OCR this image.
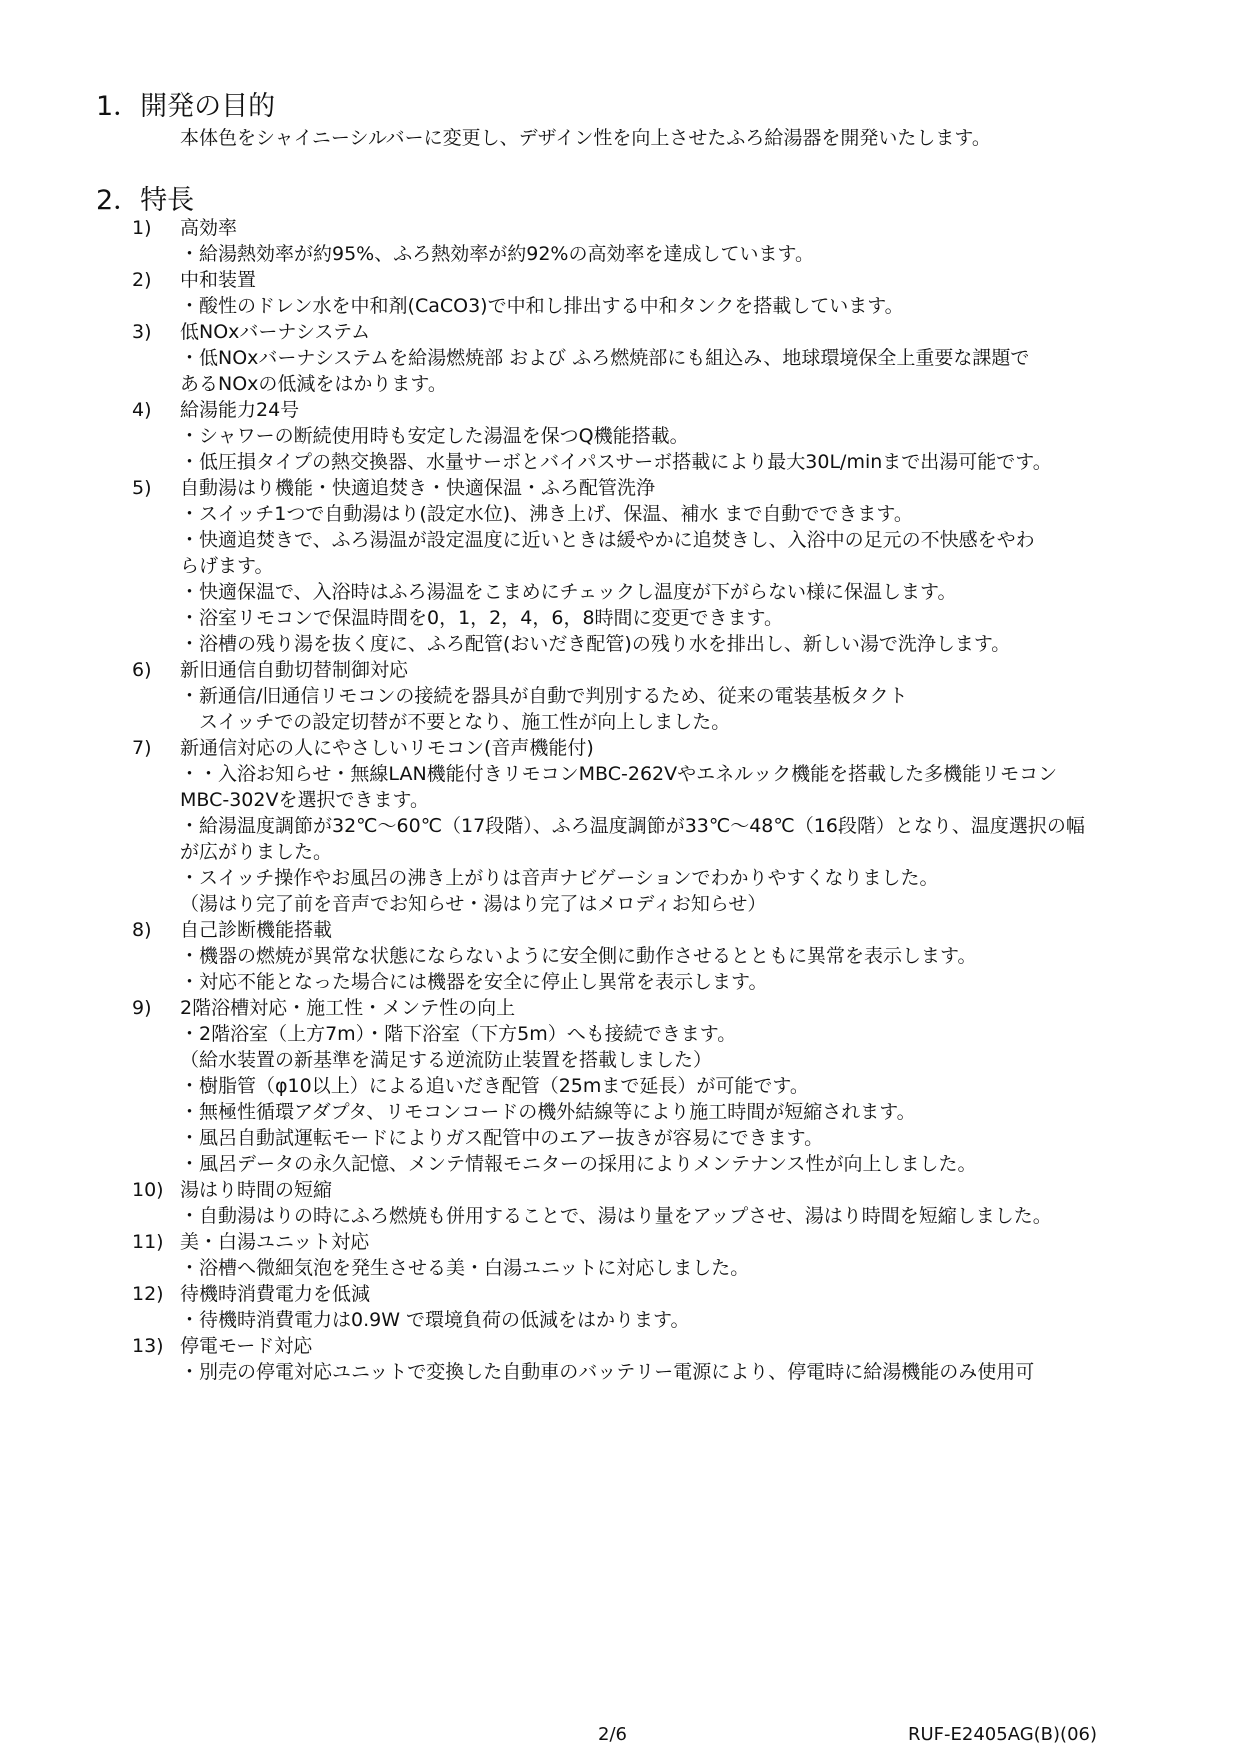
1．開発の目的
本体色をシャイニーシルバーに変更し、デザイン性を向上させたふろ給湯器を開発いたします。
2．特長
1) 高効率
・給湯熱効率が約95%、ふろ熱効率が約92%の高効率を達成しています。
2) 中和装置
・酸性のドレン水を中和剤(CaCO3)で中和し排出する中和タンクを搭載しています。
3) 低NOxバーナシステム
・低NOxバーナシステムを給湯燃焼部 および ふろ燃焼部にも組込み、地球環境保全上重要な課題で
あるNOxの低減をはかります。
4) 給湯能力24号
・シャワーの断続使用時も安定した湯温を保つQ機能搭載。
・低圧損タイプの熱交換器、水量サーボとバイパスサーボ搭載により最大30L/minまで出湯可能です。
5) 自動湯はり機能・快適追焚き・快適保温・ふろ配管洗浄
・スイッチ1つで自動湯はり(設定水位)、沸き上げ、保温、補水 まで自動でできます。
・快適追焚きで、ふろ湯温が設定温度に近いときは緩やかに追焚きし、入浴中の足元の不快感をやわ
らげます。
・快適保温で、入浴時はふろ湯温をこまめにチェックし温度が下がらない様に保温します。
・浴室リモコンで保温時間を0，1，2，4，6，8時間に変更できます。
・浴槽の残り湯を抜く度に、ふろ配管(おいだき配管)の残り水を排出し、新しい湯で洗浄します。
6) 新旧通信自動切替制御対応
・新通信/旧通信リモコンの接続を器具が自動で判別するため、従来の電装基板タクト
　スイッチでの設定切替が不要となり、施工性が向上しました。
7) 新通信対応の人にやさしいリモコン(音声機能付)
・・入浴お知らせ・無線LAN機能付きリモコンMBC-262Vやエネルック機能を搭載した多機能リモコン
MBC-302Vを選択できます。
・給湯温度調節が32℃～60℃（17段階）、ふろ温度調節が33℃～48℃（16段階）となり、温度選択の幅
が広がりました。
・スイッチ操作やお風呂の沸き上がりは音声ナビゲーションでわかりやすくなりました。
（湯はり完了前を音声でお知らせ・湯はり完了はメロディお知らせ）
8) 自己診断機能搭載
・機器の燃焼が異常な状態にならないように安全側に動作させるとともに異常を表示します。
・対応不能となった場合には機器を安全に停止し異常を表示します。
9) 2階浴槽対応・施工性・メンテ性の向上
・2階浴室（上方7m）・階下浴室（下方5m）へも接続できます。
（給水装置の新基準を満足する逆流防止装置を搭載しました）
・樹脂管（φ10以上）による追いだき配管（25mまで延長）が可能です。
・無極性循環アダプタ、リモコンコードの機外結線等により施工時間が短縮されます。
・風呂自動試運転モードによりガス配管中のエアー抜きが容易にできます。
・風呂データの永久記憶、メンテ情報モニターの採用によりメンテナンス性が向上しました。
10) 湯はり時間の短縮
・自動湯はりの時にふろ燃焼も併用することで、湯はり量をアップさせ、湯はり時間を短縮しました。
11) 美・白湯ユニット対応
・浴槽へ微細気泡を発生させる美・白湯ユニットに対応しました。
12) 待機時消費電力を低減
・待機時消費電力は0.9W で環境負荷の低減をはかります。
13) 停電モード対応
・別売の停電対応ユニットで変換した自動車のバッテリー電源により、停電時に給湯機能のみ使用可
2/6	RUF-E2405AG(B)(06)
